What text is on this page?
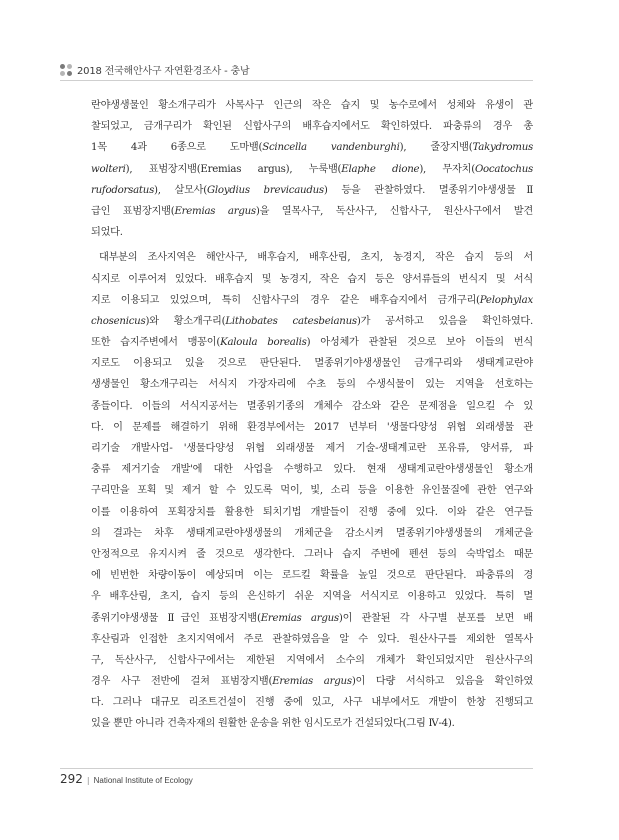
2018 전국해안사구 자연환경조사 - 충남
란야생생물인 황소개구리가 사목사구 인근의 작은 습지 및 농수로에서 성체와 유생이 관
찰되었고, 금개구리가 확인된 신합사구의 배후습지에서도 확인하였다. 파충류의 경우 총
1목 4과 6종으로 도마뱀(Scincella vandenburghi), 줄장지뱀(Takydromus
wolteri), 표범장지뱀(Eremias argus), 누룩뱀(Elaphe dione), 무자치(Oocatochus
rufodorsatus), 살모사(Gloydius brevicaudus) 등을 관찰하였다. 멸종위기야생생물Ⅱ
급인 표범장지뱀(Eremias argus)을 열목사구, 독산사구, 신합사구, 원산사구에서 발견
되었다.
대부분의 조사지역은 해안사구, 배후습지, 배후산림, 초지, 농경지, 작은 습지 등의 서
식지로 이루어져 있었다. 배후습지 및 농경지, 작은 습지 등은 양서류들의 번식지 및 서식
지로 이용되고 있었으며, 특히 신합사구의 경우 같은 배후습지에서 금개구리(Pelophylax
chosenicus)와 황소개구리(Lithobates catesbeianus)가 공서하고 있음을 확인하였다.
또한 습지주변에서 맹꽁이(Kaloula borealis) 아성체가 관찰된 것으로 보아 이들의 번식
지로도 이용되고 있을 것으로 판단된다. 멸종위기야생생물인 금개구리와 생태계교란야
생생물인 황소개구리는 서식지 가장자리에 수초 등의 수생식물이 있는 지역을 선호하는
종들이다. 이들의 서식지공서는 멸종위기종의 개체수 감소와 같은 문제점을 일으킬 수 있
다. 이 문제를 해결하기 위해 환경부에서는 2017 년부터 '생물다양성 위협 외래생물 관
리기술 개발사업- '생물다양성 위협 외래생물 제거 기술-생태계교란 포유류, 양서류, 파
충류 제거기술 개발'에 대한 사업을 수행하고 있다. 현재 생태계교란야생생물인 황소개
구리만을 포획 및 제거 할 수 있도록 먹이, 빛, 소리 등을 이용한 유인물질에 관한 연구와
이를 이용하여 포획장치를 활용한 퇴치기법 개발들이 진행 중에 있다. 이와 같은 연구들
의 결과는 차후 생태계교란야생생물의 개체군을 감소시켜 멸종위기야생생물의 개체군을
안정적으로 유지시켜 줄 것으로 생각한다. 그러나 습지 주변에 펜션 등의 숙박업소 때문
에 빈번한 차량이동이 예상되며 이는 로드킬 확률을 높일 것으로 판단된다. 파충류의 경
우 배후산림, 초지, 습지 등의 은신하기 쉬운 지역을 서식지로 이용하고 있었다. 특히 멸
종위기야생생물 Ⅱ급인 표범장지뱀(Eremias argus)이 관찰된 각 사구별 분포를 보면 배
후산림과 인접한 초지지역에서 주로 관찰하였음을 알 수 있다. 원산사구를 제외한 열목사
구, 독산사구, 신합사구에서는 제한된 지역에서 소수의 개체가 확인되었지만 원산사구의
경우 사구 전반에 걸쳐 표범장지뱀(Eremias argus)이 다량 서식하고 있음을 확인하였
다. 그러나 대규모 리조트건설이 진행 중에 있고, 사구 내부에서도 개발이 한창 진행되고
있을 뿐만 아니라 건축자재의 원활한 운송을 위한 임시도로가 건설되었다(그림 Ⅳ-4).
292 | National Institute of Ecology
